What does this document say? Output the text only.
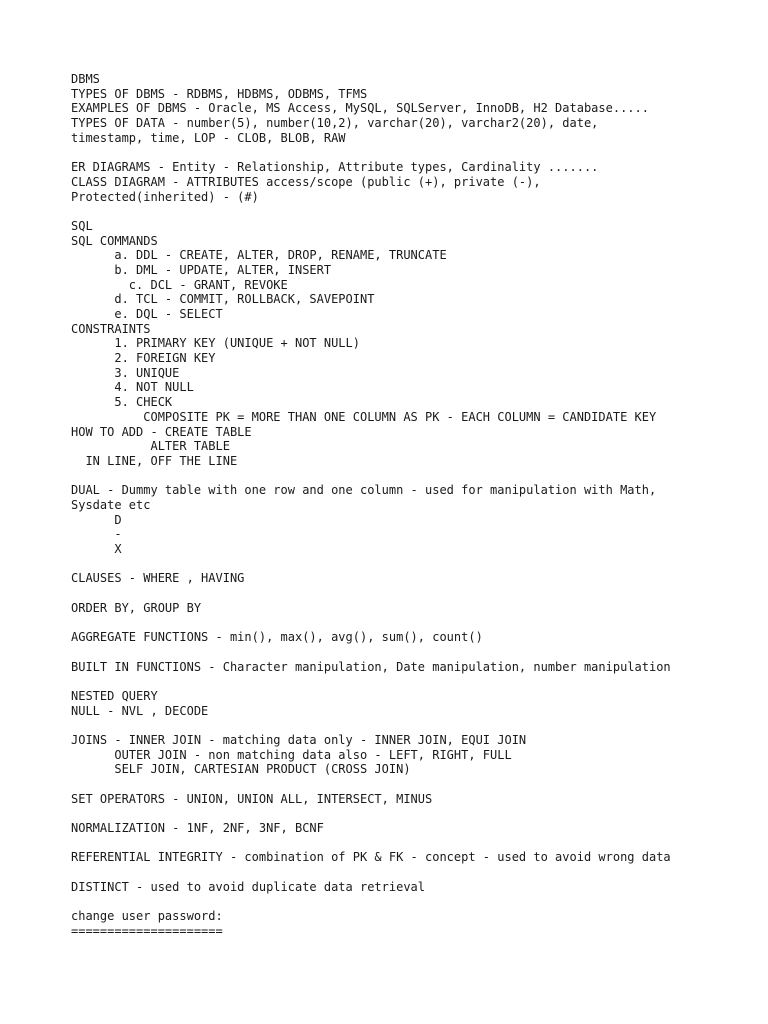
DBMS
TYPES OF DBMS - RDBMS, HDBMS, ODBMS, TFMS
EXAMPLES OF DBMS - Oracle, MS Access, MySQL, SQLServer, InnoDB, H2 Database.....
TYPES OF DATA - number(5), number(10,2), varchar(20), varchar2(20), date,
timestamp, time, LOP - CLOB, BLOB, RAW
ER DIAGRAMS - Entity - Relationship, Attribute types, Cardinality .......
CLASS DIAGRAM - ATTRIBUTES access/scope (public (+), private (-),
Protected(inherited) - (#)
SQL
SQL COMMANDS
a. DDL - CREATE, ALTER, DROP, RENAME, TRUNCATE
b. DML - UPDATE, ALTER, INSERT
c. DCL - GRANT, REVOKE
d. TCL - COMMIT, ROLLBACK, SAVEPOINT
e. DQL - SELECT
CONSTRAINTS
1. PRIMARY KEY (UNIQUE + NOT NULL)
2. FOREIGN KEY
3. UNIQUE
4. NOT NULL
5. CHECK
COMPOSITE PK = MORE THAN ONE COLUMN AS PK - EACH COLUMN = CANDIDATE KEY
HOW TO ADD - CREATE TABLE
ALTER TABLE
IN LINE, OFF THE LINE
DUAL - Dummy table with one row and one column - used for manipulation with Math,
Sysdate etc
D
-
X
CLAUSES - WHERE , HAVING
ORDER BY, GROUP BY
AGGREGATE FUNCTIONS - min(), max(), avg(), sum(), count()
BUILT IN FUNCTIONS - Character manipulation, Date manipulation, number manipulation
NESTED QUERY
NULL - NVL , DECODE
JOINS - INNER JOIN - matching data only - INNER JOIN, EQUI JOIN
OUTER JOIN - non matching data also - LEFT, RIGHT, FULL
SELF JOIN, CARTESIAN PRODUCT (CROSS JOIN)
SET OPERATORS - UNION, UNION ALL, INTERSECT, MINUS
NORMALIZATION - 1NF, 2NF, 3NF, BCNF
REFERENTIAL INTEGRITY - combination of PK & FK - concept - used to avoid wrong data
DISTINCT - used to avoid duplicate data retrieval
change user password:
=====================
